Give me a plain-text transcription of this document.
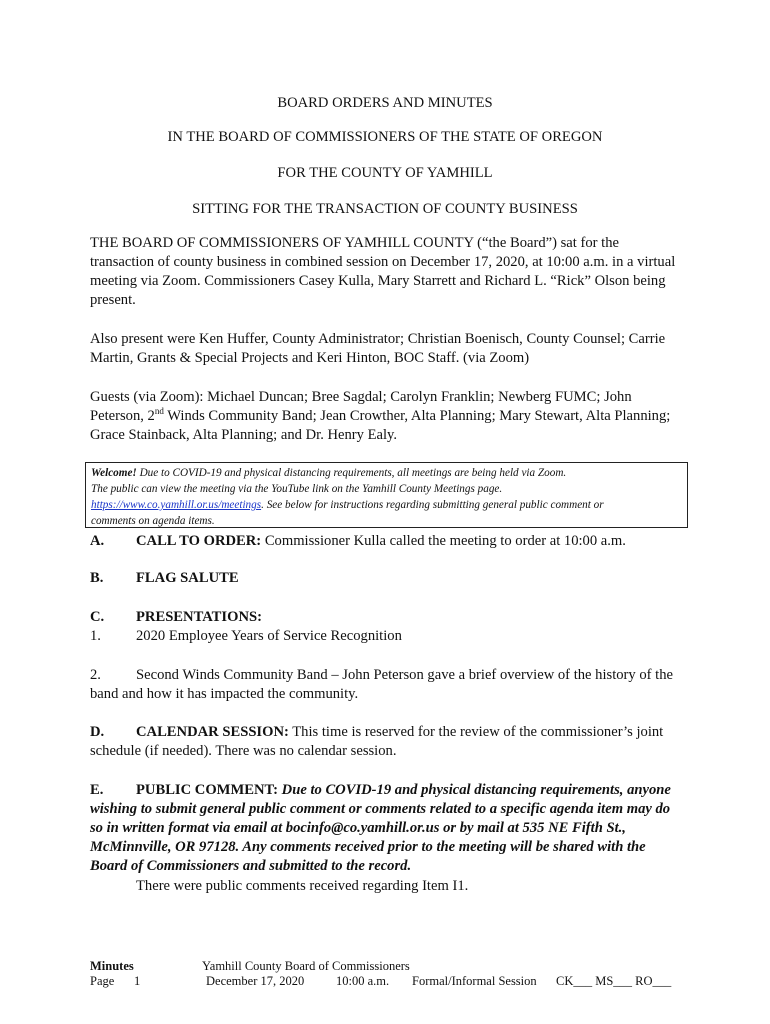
BOARD ORDERS AND MINUTES
IN THE BOARD OF COMMISSIONERS OF THE STATE OF OREGON
FOR THE COUNTY OF YAMHILL
SITTING FOR THE TRANSACTION OF COUNTY BUSINESS
THE BOARD OF COMMISSIONERS OF YAMHILL COUNTY (“the Board”) sat for the transaction of county business in combined session on December 17, 2020, at 10:00 a.m. in a virtual meeting via Zoom. Commissioners Casey Kulla, Mary Starrett and Richard L. “Rick” Olson being present.
Also present were Ken Huffer, County Administrator; Christian Boenisch, County Counsel; Carrie Martin, Grants & Special Projects and Keri Hinton, BOC Staff. (via Zoom)
Guests (via Zoom): Michael Duncan; Bree Sagdal; Carolyn Franklin; Newberg FUMC; John Peterson, 2nd Winds Community Band; Jean Crowther, Alta Planning; Mary Stewart, Alta Planning; Grace Stainback, Alta Planning; and Dr. Henry Ealy.
Welcome! Due to COVID-19 and physical distancing requirements, all meetings are being held via Zoom.
The public can view the meeting via the YouTube link on the Yamhill County Meetings page.
https://www.co.yamhill.or.us/meetings. See below for instructions regarding submitting general public comment or
comments on agenda items.
A. CALL TO ORDER: Commissioner Kulla called the meeting to order at 10:00 a.m.
B. FLAG SALUTE
C. PRESENTATIONS:
1. 2020 Employee Years of Service Recognition
2. Second Winds Community Band – John Peterson gave a brief overview of the history of the band and how it has impacted the community.
D. CALENDAR SESSION: This time is reserved for the review of the commissioner’s joint schedule (if needed). There was no calendar session.
E. PUBLIC COMMENT: Due to COVID-19 and physical distancing requirements, anyone wishing to submit general public comment or comments related to a specific agenda item may do so in written format via email at bocinfo@co.yamhill.or.us or by mail at 535 NE Fifth St., McMinnville, OR 97128. Any comments received prior to the meeting will be shared with the Board of Commissioners and submitted to the record.
There were public comments received regarding Item I1.
Minutes
Page 1
Yamhill County Board of Commissioners
December 17, 2020	10:00 a.m. Formal/Informal Session CK___ MS___ RO___
